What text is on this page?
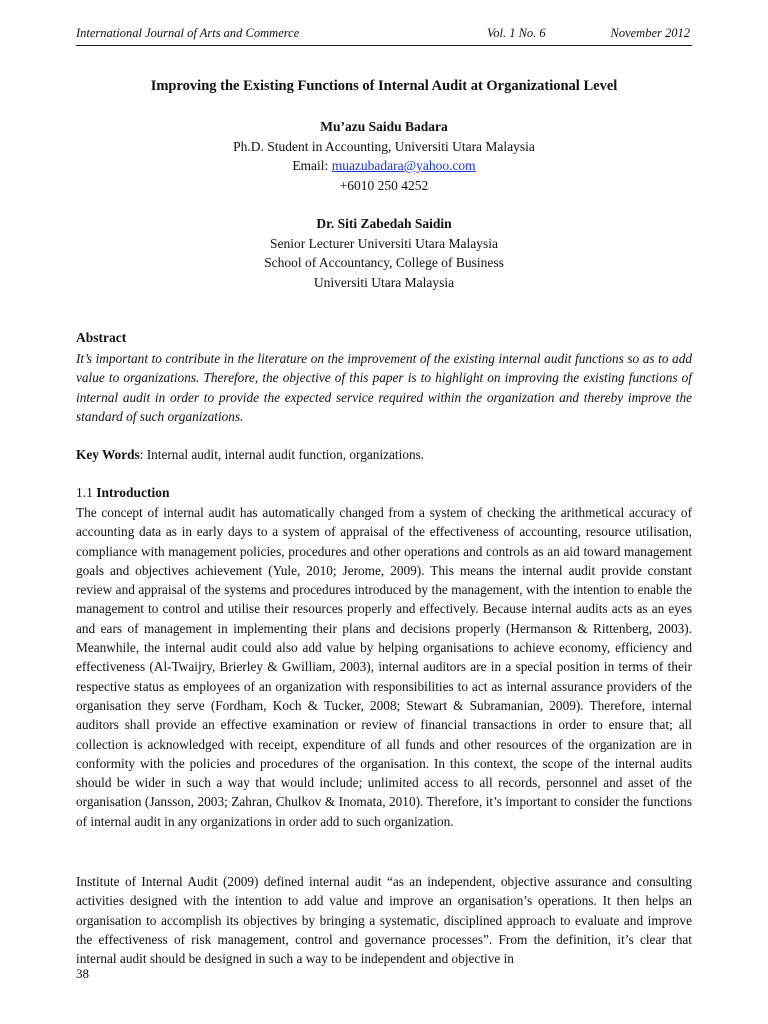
International Journal of Arts and Commerce	Vol. 1 No. 6	November 2012
Improving the Existing Functions of Internal Audit at Organizational Level
Mu’azu Saidu Badara
Ph.D. Student in Accounting, Universiti Utara Malaysia
Email: muazubadara@yahoo.com
+6010 250 4252
Dr. Siti Zabedah Saidin
Senior Lecturer Universiti Utara Malaysia
School of Accountancy, College of Business
Universiti Utara Malaysia
Abstract
It’s important to contribute in the literature on the improvement of the existing internal audit functions so as to add value to organizations. Therefore, the objective of this paper is to highlight on improving the existing functions of internal audit in order to provide the expected service required within the organization and thereby improve the standard of such organizations.
Key Words: Internal audit, internal audit function, organizations.
1.1 Introduction
The concept of internal audit has automatically changed from a system of checking the arithmetical accuracy of accounting data as in early days to a system of appraisal of the effectiveness of accounting, resource utilisation, compliance with management policies, procedures and other operations and controls as an aid toward management goals and objectives achievement (Yule, 2010; Jerome, 2009). This means the internal audit provide constant review and appraisal of the systems and procedures introduced by the management, with the intention to enable the management to control and utilise their resources properly and effectively. Because internal audits acts as an eyes and ears of management in implementing their plans and decisions properly (Hermanson & Rittenberg, 2003). Meanwhile, the internal audit could also add value by helping organisations to achieve economy, efficiency and effectiveness (Al-Twaijry, Brierley & Gwilliam, 2003), internal auditors are in a special position in terms of their respective status as employees of an organization with responsibilities to act as internal assurance providers of the organisation they serve (Fordham, Koch & Tucker, 2008; Stewart & Subramanian, 2009). Therefore, internal auditors shall provide an effective examination or review of financial transactions in order to ensure that; all collection is acknowledged with receipt, expenditure of all funds and other resources of the organization are in conformity with the policies and procedures of the organisation. In this context, the scope of the internal audits should be wider in such a way that would include; unlimited access to all records, personnel and asset of the organisation (Jansson, 2003; Zahran, Chulkov & Inomata, 2010). Therefore, it’s important to consider the functions of internal audit in any organizations in order add to such organization.
Institute of Internal Audit (2009) defined internal audit “as an independent, objective assurance and consulting activities designed with the intention to add value and improve an organisation’s operations. It then helps an organisation to accomplish its objectives by bringing a systematic, disciplined approach to evaluate and improve the effectiveness of risk management, control and governance processes”. From the definition, it’s clear that internal audit should be designed in such a way to be independent and objective in
38
